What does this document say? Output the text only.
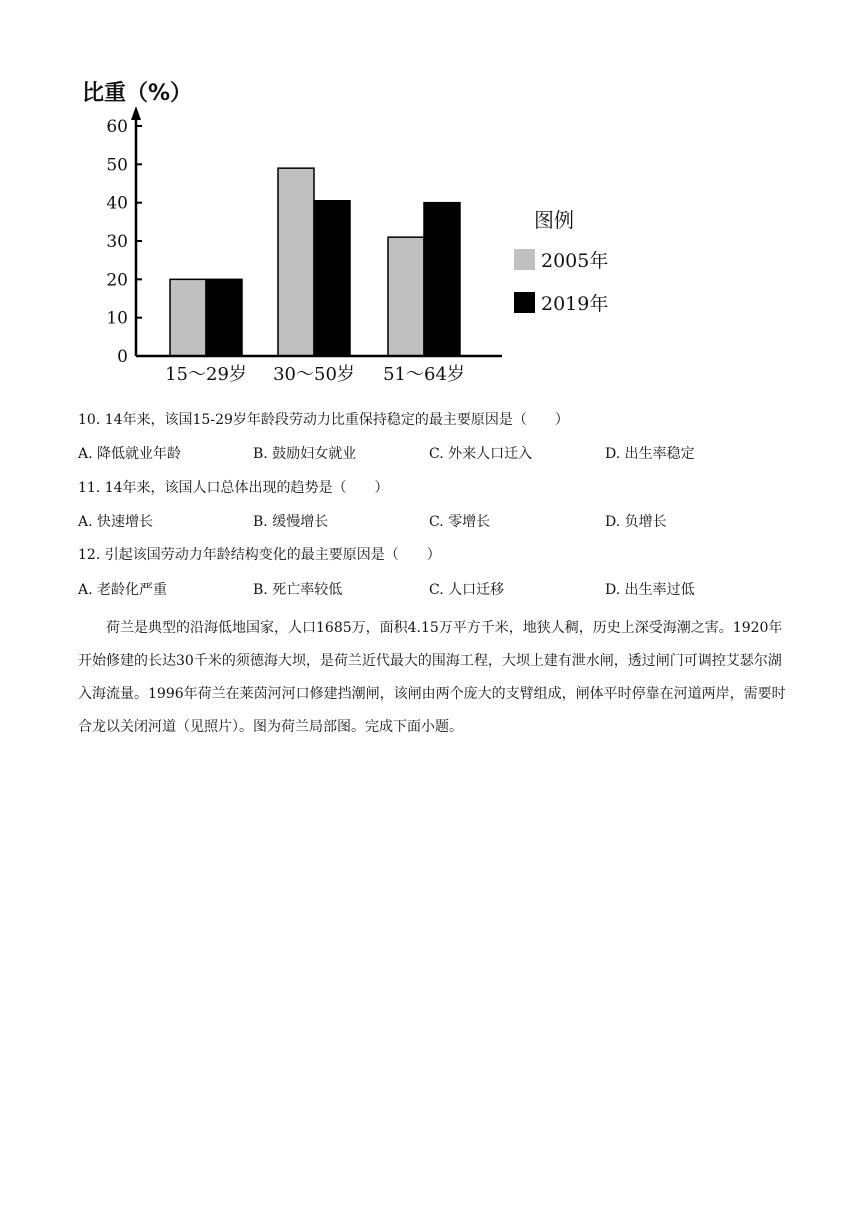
比重（%）
0
10
20
30
40
50
60
15～29岁 30～50岁 51～64岁
图例
2005年
2019年
10. 14年来，该国15-29岁年龄段劳动力比重保持稳定的最主要原因是（　　）
A. 降低就业年龄	B. 鼓励妇女就业	C. 外来人口迁入	D. 出生率稳定
11. 14年来，该国人口总体出现的趋势是（　　）
A. 快速增长	B. 缓慢增长	C. 零增长	D. 负增长
12. 引起该国劳动力年龄结构变化的最主要原因是（　　）
A. 老龄化严重	B. 死亡率较低	C. 人口迁移	D. 出生率过低
荷兰是典型的沿海低地国家，人口1685万，面积4.15万平方千米，地狭人稠，历史上深受海潮之害。1920年开始修建的长达30千米的须德海大坝，是荷兰近代最大的围海工程，大坝上建有泄水闸，透过闸门可调控艾瑟尔湖入海流量。1996年荷兰在莱茵河河口修建挡潮闸，该闸由两个庞大的支臂组成，闸体平时停靠在河道两岸，需要时合龙以关闭河道（见照片）。图为荷兰局部图。完成下面小题。
